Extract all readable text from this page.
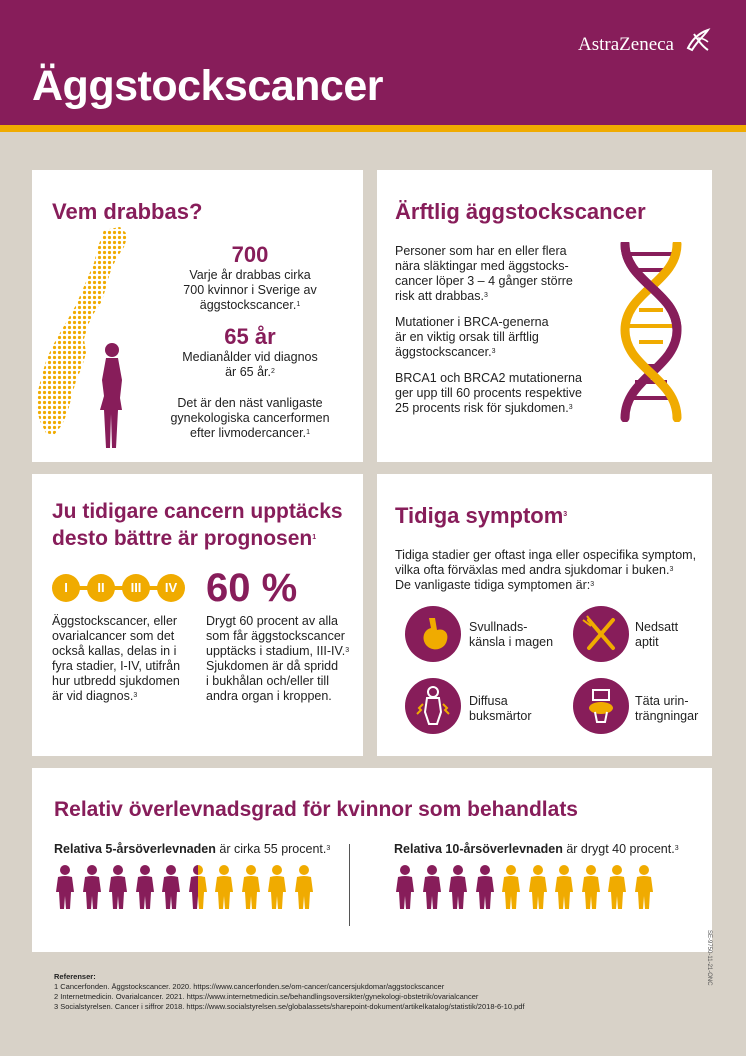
Äggstockscancer
AstraZeneca
Vem drabbas?
700
Varje år drabbas cirka
700 kvinnor i Sverige av
äggstockscancer.$^1$
65 år
Medianålder vid diagnos
är 65 år.$^2$
Det är den näst vanligaste
gynekologiska cancerformen
efter livmodercancer.$^1$
Ärftlig äggstockscancer
Personer som har en eller flera
nära släktingar med äggstocks-
cancer löper 3 – 4 gånger större
risk att drabbas.$^3$
Mutationer i BRCA-generna
är en viktig orsak till ärftlig
äggstockscancer.$^3$
BRCA1 och BRCA2 mutationerna
ger upp till 60 procents respektive
25 procents risk för sjukdomen.$^3$
Ju tidigare cancern upptäcks
desto bättre är prognosen$^1$
I	II	III	IV
Äggstockscancer, eller
ovarialcancer som det
också kallas, delas in i
fyra stadier, I-IV, utifrån
hur utbredd sjukdomen
är vid diagnos.$^3$
60 %
Drygt 60 procent av alla
som får äggstockscancer
upptäcks i stadium, III-IV.$^3$
Sjukdomen är då spridd
i bukhålan och/eller till
andra organ i kroppen.
Tidiga symptom$^3$
Tidiga stadier ger oftast inga eller ospecifika symptom,
vilka ofta förväxlas med andra sjukdomar i buken.$^3$
De vanligaste tidiga symptomen är:$^3$
Svullnads-
känsla i magen
Nedsatt
aptit
Diffusa
buksmärtor
Täta urin-
trängningar
Relativ överlevnadsgrad för kvinnor som behandlats
Relativa 5-årsöverlevnaden är cirka 55 procent.$^3$	Relativa 10-årsöverlevnaden är drygt 40 procent.$^3$
Referenser:
1 Cancerfonden. Äggstockscancer. 2020. https://www.cancerfonden.se/om-cancer/cancersjukdomar/aggstockscancer
2 Internetmedicin. Ovarialcancer. 2021. https://www.internetmedicin.se/behandlingsoversikter/gynekologi-obstetrik/ovarialcancer
3 Socialstyrelsen. Cancer i siffror 2018. https://www.socialstyrelsen.se/globalassets/sharepoint-dokument/artikelkatalog/statistik/2018-6-10.pdf
SE-9750-11-21-ONC
